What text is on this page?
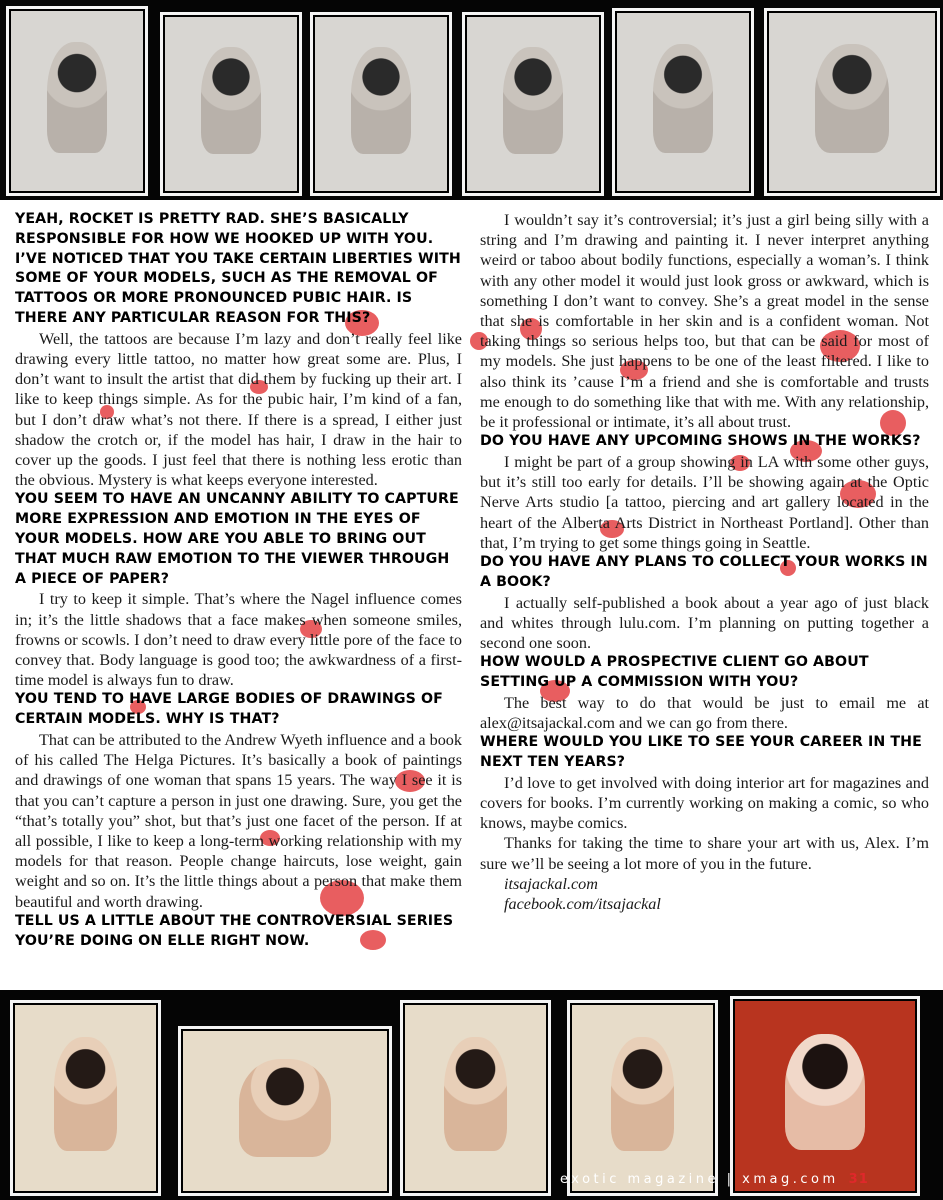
YEAH, ROCKET IS PRETTY RAD. SHE’S BASICALLY RESPONSIBLE FOR HOW WE HOOKED UP WITH YOU. I’VE NOTICED THAT YOU TAKE CERTAIN LIBERTIES WITH SOME OF YOUR MODELS, SUCH AS THE REMOVAL OF TATTOOS OR MORE PRONOUNCED PUBIC HAIR. IS THERE ANY PARTICULAR REASON FOR THIS?

Well, the tattoos are because I’m lazy and don’t really feel like drawing every little tattoo, no matter how great some are. Plus, I don’t want to insult the artist that did them by fucking up their art. I like to keep things simple. As for the pubic hair, I’m kind of a fan, but I don’t draw what’s not there. If there is a spread, I either just shadow the crotch or, if the model has hair, I draw in the hair to cover up the goods. I just feel that there is nothing less erotic than the obvious. Mystery is what keeps everyone interested.

YOU SEEM TO HAVE AN UNCANNY ABILITY TO CAPTURE MORE EXPRESSION AND EMOTION IN THE EYES OF YOUR MODELS. HOW ARE YOU ABLE TO BRING OUT THAT MUCH RAW EMOTION TO THE VIEWER THROUGH A PIECE OF PAPER?

I try to keep it simple. That’s where the Nagel influence comes in; it’s the little shadows that a face makes when someone smiles, frowns or scowls. I don’t need to draw every little pore of the face to convey that. Body language is good too; the awkwardness of a first-time model is always fun to draw.

YOU TEND TO HAVE LARGE BODIES OF DRAWINGS OF CERTAIN MODELS. WHY IS THAT?

That can be attributed to the Andrew Wyeth influence and a book of his called The Helga Pictures. It’s basically a book of paintings and drawings of one woman that spans 15 years. The way I see it is that you can’t capture a person in just one drawing. Sure, you get the “that’s totally you” shot, but that’s just one facet of the person. If at all possible, I like to keep a long-term working relationship with my models for that reason. People change haircuts, lose weight, gain weight and so on. It’s the little things about a person that make them beautiful and worth drawing.

TELL US A LITTLE ABOUT THE CONTROVERSIAL SERIES YOU’RE DOING ON ELLE RIGHT NOW.

I wouldn’t say it’s controversial; it’s just a girl being silly with a string and I’m drawing and painting it. I never interpret anything weird or taboo about bodily functions, especially a woman’s. I think with any other model it would just look gross or awkward, which is something I don’t want to convey. She’s a great model in the sense that she is comfortable in her skin and is a confident woman. Not taking things so serious helps too, but that can be said for most of my models. She just happens to be one of the least filtered. I like to also think its ’cause I’m a friend and she is comfortable and trusts me enough to do something like that with me. With any relationship, be it professional or intimate, it’s all about trust.

DO YOU HAVE ANY UPCOMING SHOWS IN THE WORKS?

I might be part of a group showing in LA with some other guys, but it’s still too early for details. I’ll be showing again at the Optic Nerve Arts studio [a tattoo, piercing and art gallery located in the heart of the Alberta Arts District in Northeast Portland]. Other than that, I’m trying to get some things going in Seattle.

DO YOU HAVE ANY PLANS TO COLLECT YOUR WORKS IN A BOOK?

I actually self-published a book about a year ago of just black and whites through lulu.com. I’m planning on putting together a second one soon.

HOW WOULD A PROSPECTIVE CLIENT GO ABOUT SETTING UP A COMMISSION WITH YOU?

The best way to do that would be just to email me at alex@itsajackal.com and we can go from there.

WHERE WOULD YOU LIKE TO SEE YOUR CAREER IN THE NEXT TEN YEARS?

I’d love to get involved with doing interior art for magazines and covers for books. I’m currently working on making a comic, so who knows, maybe comics.

Thanks for taking the time to share your art with us, Alex. I’m sure we’ll be seeing a lot more of you in the future.

itsajackal.com

facebook.com/itsajackal

exotic magazine | xmag.com 31
